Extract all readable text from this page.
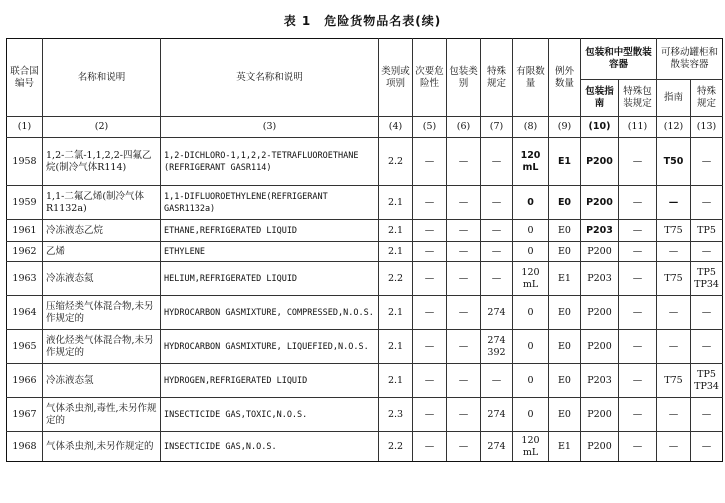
表 1　危险货物品名表(续)
联合国编号	名称和说明	英文名称和说明	类别或项别	次要危险性	包装类别	特殊规定	有限数量	例外数量	包装和中型散装容器		可移动罐柜和散装容器	
									包装指南	特殊包装规定	指南	特殊规定
(1)	(2)	(3)	(4)	(5)	(6)	(7)	(8)	(9)	(10)	(11)	(12)	(13)
1958	1,2-二氯-1,1,2,2-四氟乙烷(制冷气体R114)	1,2-DICHLORO-1,1,2,2-TETRAFLUOROETHANE (REFRIGERANT GASR114)	2.2	—	—	—	120 mL	E1	P200	—	T50	—
1959	1,1-二氟乙烯(制冷气体R1132a)	1,1-DIFLUOROETHYLENE(REFRIGERANT GASR1132a)	2.1	—	—	—	0	E0	P200	—	—	—
1961	冷冻液态乙烷	ETHANE,REFRIGERATED LIQUID	2.1	—	—	—	0	E0	P203	—	T75	TP5
1962	乙烯	ETHYLENE	2.1	—	—	—	0	E0	P200	—	—	—
1963	冷冻液态氦	HELIUM,REFRIGERATED LIQUID	2.2	—	—	—	120 mL	E1	P203	—	T75	TP5 TP34
1964	压缩烃类气体混合物,未另作规定的	HYDROCARBON GASMIXTURE, COMPRESSED,N.O.S.	2.1	—	—	274	0	E0	P200	—	—	—
1965	液化烃类气体混合物,未另作规定的	HYDROCARBON GASMIXTURE, LIQUEFIED,N.O.S.	2.1	—	—	274 392	0	E0	P200	—	—	—
1966	冷冻液态氢	HYDROGEN,REFRIGERATED LIQUID	2.1	—	—	—	0	E0	P203	—	T75	TP5 TP34
1967	气体杀虫剂,毒性,未另作规定的	INSECTICIDE GAS,TOXIC,N.O.S.	2.3	—	—	274	0	E0	P200	—	—	—
1968	气体杀虫剂,未另作规定的	INSECTICIDE GAS,N.O.S.	2.2	—	—	274	120 mL	E1	P200	—	—	—
